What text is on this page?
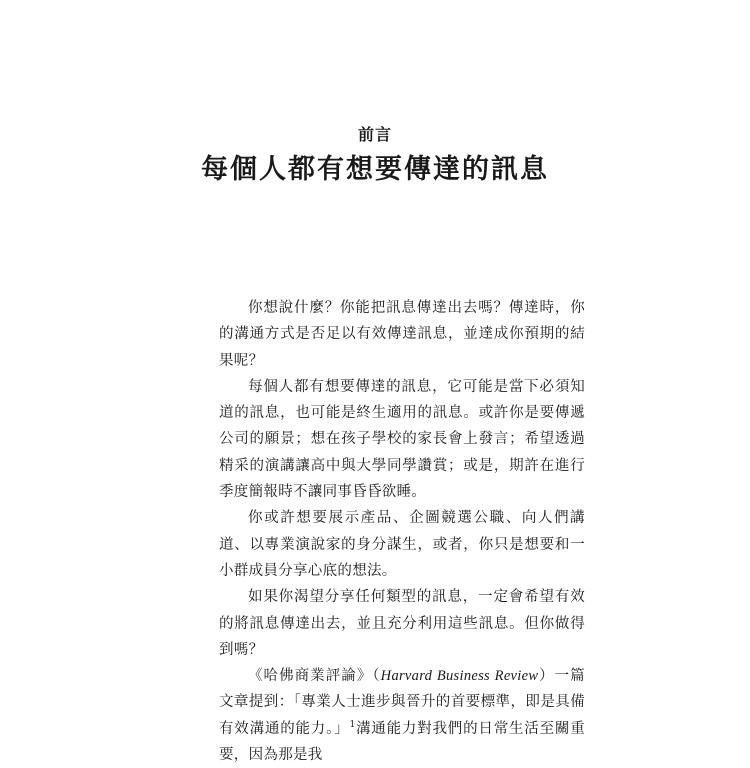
前言
每個人都有想要傳達的訊息

你想說什麼？你能把訊息傳達出去嗎？傳達時，你的溝通方式是否足以有效傳達訊息，並達成你預期的結果呢？

每個人都有想要傳達的訊息，它可能是當下必須知道的訊息，也可能是終生適用的訊息。或許你是要傳遞公司的願景；想在孩子學校的家長會上發言；希望透過精采的演講讓高中與大學同學讚賞；或是，期許在進行季度簡報時不讓同事昏昏欲睡。

你或許想要展示產品、企圖競選公職、向人們講道、以專業演說家的身分謀生，或者，你只是想要和一小群成員分享心底的想法。

如果你渴望分享任何類型的訊息，一定會希望有效的將訊息傳達出去，並且充分利用這些訊息。但你做得到嗎？

《哈佛商業評論》（Harvard Business Review）一篇文章提到：「專業人士進步與晉升的首要標準，即是具備有效溝通的能力。」$^1$溝通能力對我們的日常生活至關重要，因為那是我
